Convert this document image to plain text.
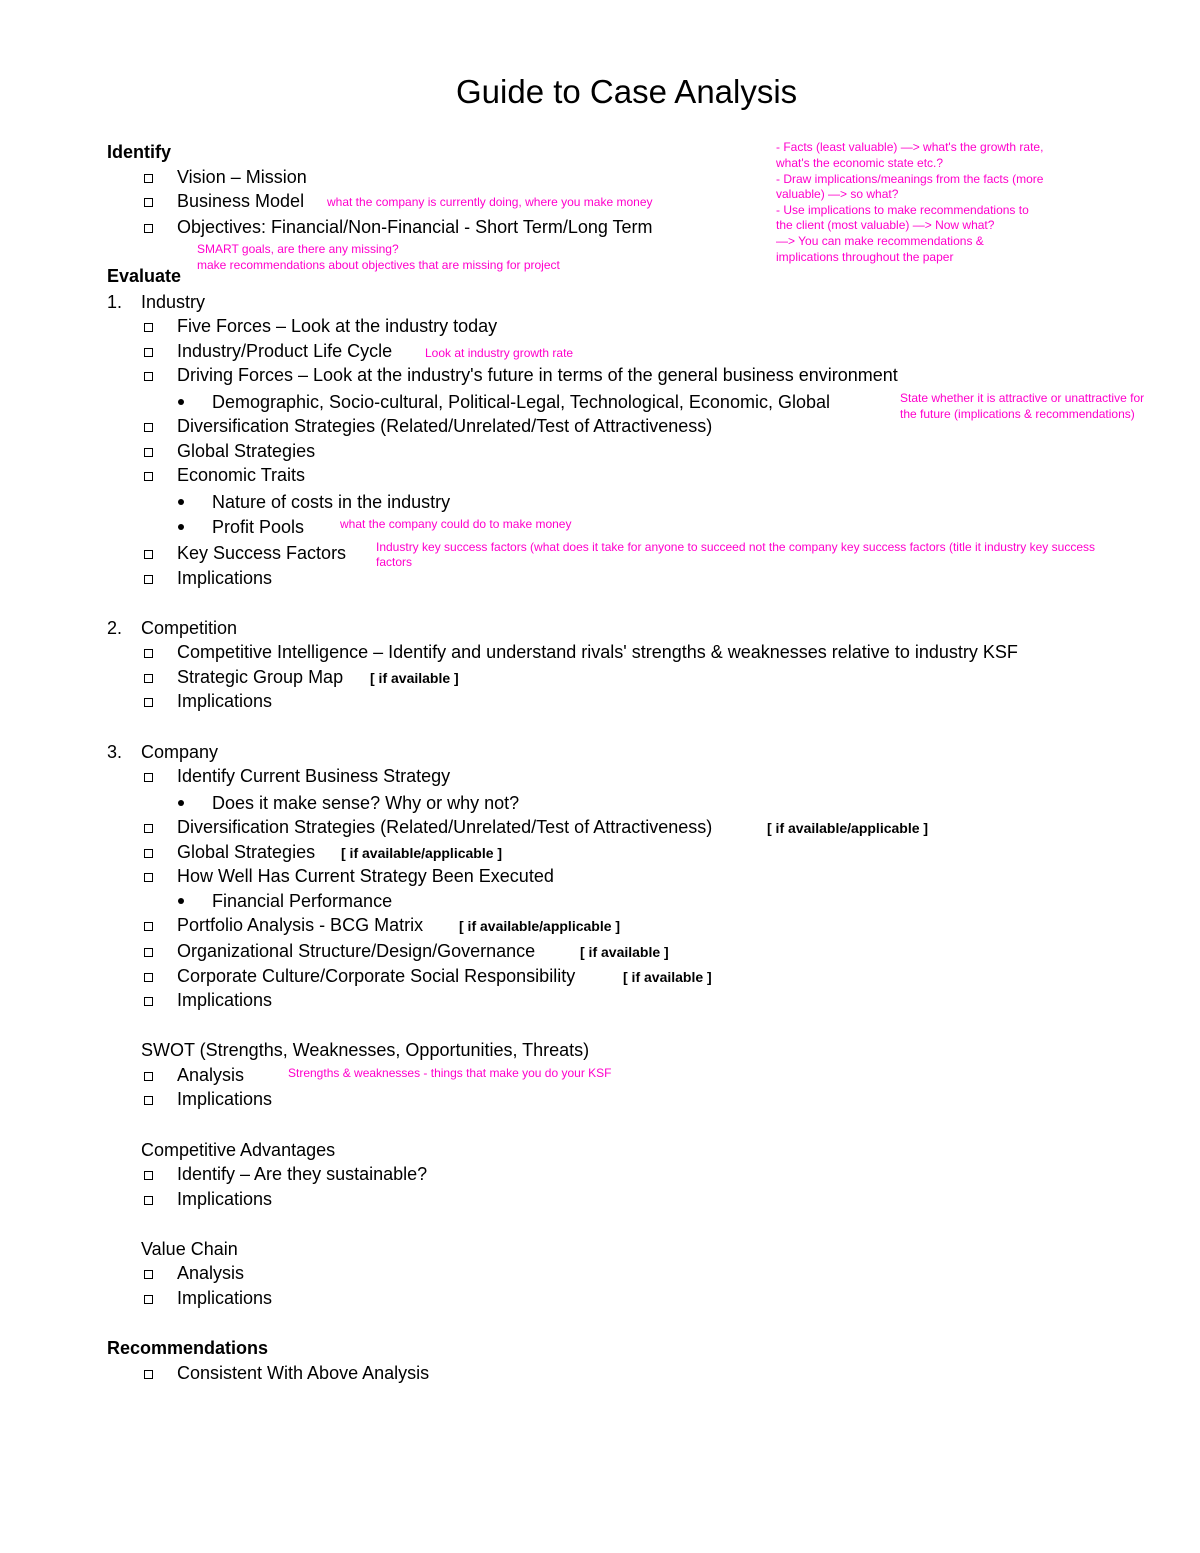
Guide to Case Analysis
Identify
Vision – Mission
Business Model what the company is currently doing, where you make money
Objectives: Financial/Non-Financial - Short Term/Long Term
SMART goals, are there any missing?
make recommendations about objectives that are missing for project
- Facts (least valuable) —> what's the growth rate,
what's the economic state etc.?
- Draw implications/meanings from the facts (more
valuable) —> so what?
- Use implications to make recommendations to
the client (most valuable) —> Now what?
—> You can make recommendations &
implications throughout the paper
Evaluate
1. Industry
Five Forces – Look at the industry today
Industry/Product Life Cycle	Look at industry growth rate
Driving Forces – Look at the industry's future in terms of the general business environment
Demographic, Socio-cultural, Political-Legal, Technological, Economic, Global	State whether it is attractive or unattractive for
the future (implications & recommendations)
Diversification Strategies (Related/Unrelated/Test of Attractiveness)
Global Strategies
Economic Traits
Nature of costs in the industry
Profit Pools	what the company could do to make money
Key Success Factors Industry key success factors (what does it take for anyone to succeed not the company key success factors (title it industry key success
factors
Implications
2. Competition
Competitive Intelligence – Identify and understand rivals' strengths & weaknesses relative to industry KSF
Strategic Group Map [ if available ]
Implications
3. Company
Identify Current Business Strategy
Does it make sense? Why or why not?
Diversification Strategies (Related/Unrelated/Test of Attractiveness)	[ if available/applicable ]
Global Strategies [ if available/applicable ]
How Well Has Current Strategy Been Executed
Financial Performance
Portfolio Analysis - BCG Matrix	[ if available/applicable ]
Organizational Structure/Design/Governance	[ if available ]
Corporate Culture/Corporate Social Responsibility	[ if available ]
Implications
SWOT (Strengths, Weaknesses, Opportunities, Threats)
Analysis	Strengths & weaknesses - things that make you do your KSF
Implications
Competitive Advantages
Identify – Are they sustainable?
Implications
Value Chain
Analysis
Implications
Recommendations
Consistent With Above Analysis
